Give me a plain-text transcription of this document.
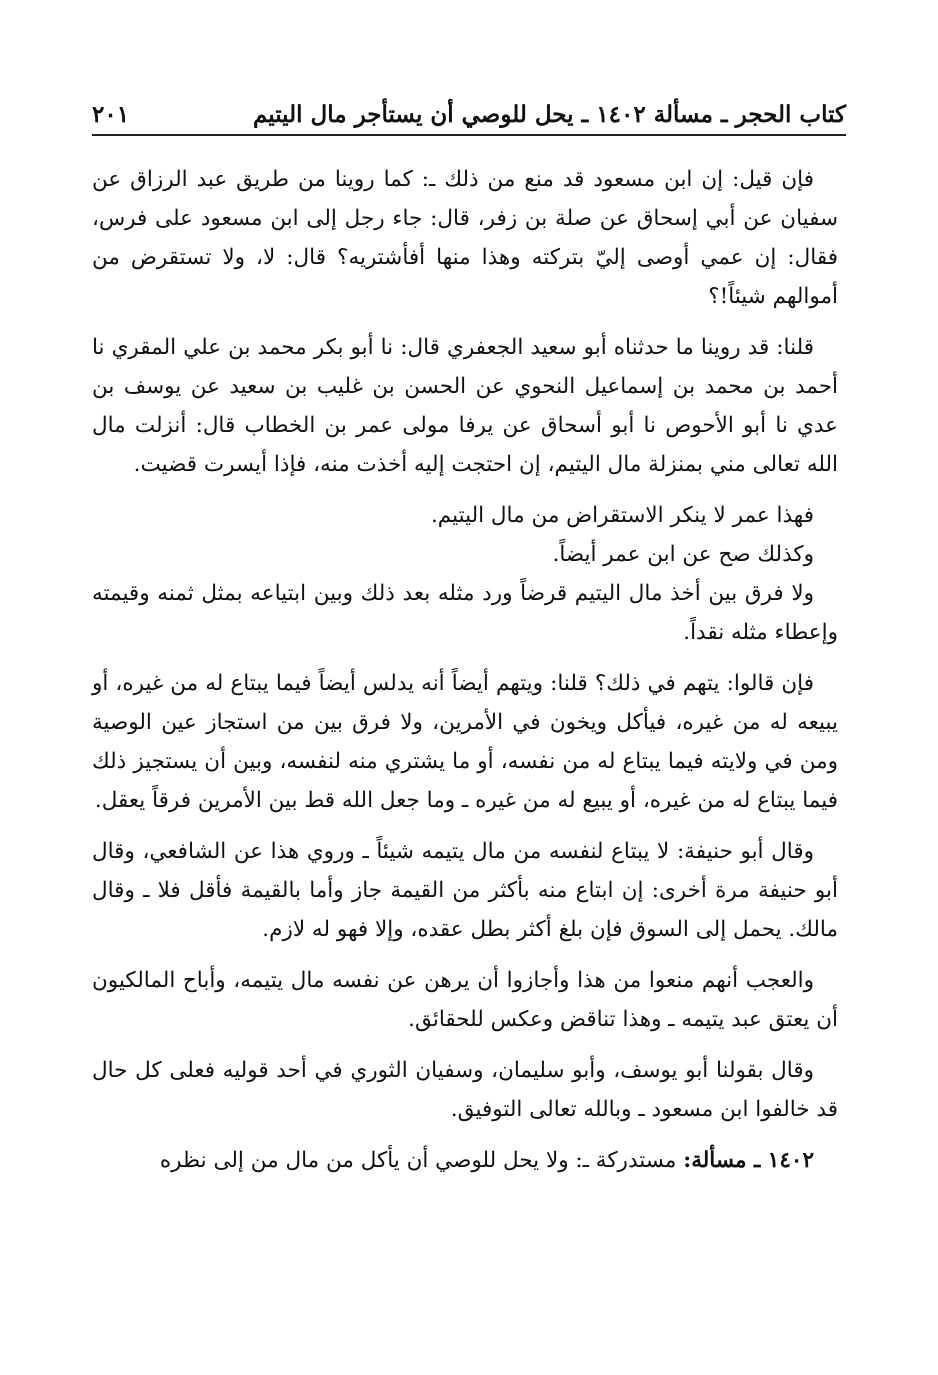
كتاب الحجر ـ مسألة ١٤٠٢ ـ يحل للوصي أن يستأجر مال اليتيم
٢٠١

فإن قيل: إن ابن مسعود قد منع من ذلك ـ: كما روينا من طريق عبد الرزاق عن سفيان عن أبي إسحاق عن صلة بن زفر، قال: جاء رجل إلى ابن مسعود على فرس، فقال: إن عمي أوصى إليّ بتركته وهذا منها أفأشتريه؟ قال: لا، ولا تستقرض من أموالهم شيئاً!؟

قلنا: قد روينا ما حدثناه أبو سعيد الجعفري قال: نا أبو بكر محمد بن علي المقري نا أحمد بن محمد بن إسماعيل النحوي عن الحسن بن غليب بن سعيد عن يوسف بن عدي نا أبو الأحوص نا أبو أسحاق عن يرفا مولى عمر بن الخطاب قال: أنزلت مال الله تعالى مني بمنزلة مال اليتيم، إن احتجت إليه أخذت منه، فإذا أيسرت قضيت.

فهذا عمر لا ينكر الاستقراض من مال اليتيم.

وكذلك صح عن ابن عمر أيضاً.

ولا فرق بين أخذ مال اليتيم قرضاً ورد مثله بعد ذلك وبين ابتياعه بمثل ثمنه وقيمته وإعطاء مثله نقداً.

فإن قالوا: يتهم في ذلك؟ قلنا: ويتهم أيضاً أنه يدلس أيضاً فيما يبتاع له من غيره، أو يبيعه له من غيره، فيأكل ويخون في الأمرين، ولا فرق بين من استجاز عين الوصية ومن في ولايته فيما يبتاع له من نفسه، أو ما يشتري منه لنفسه، وبين أن يستجيز ذلك فيما يبتاع له من غيره، أو يبيع له من غيره ـ وما جعل الله قط بين الأمرين فرقاً يعقل.

وقال أبو حنيفة: لا يبتاع لنفسه من مال يتيمه شيئاً ـ وروي هذا عن الشافعي، وقال أبو حنيفة مرة أخرى: إن ابتاع منه بأكثر من القيمة جاز وأما بالقيمة فأقل فلا ـ وقال مالك. يحمل إلى السوق فإن بلغ أكثر بطل عقده، وإلا فهو له لازم.

والعجب أنهم منعوا من هذا وأجازوا أن يرهن عن نفسه مال يتيمه، وأباح المالكيون أن يعتق عبد يتيمه ـ وهذا تناقض وعكس للحقائق.

وقال بقولنا أبو يوسف، وأبو سليمان، وسفيان الثوري في أحد قوليه فعلى كل حال قد خالفوا ابن مسعود ـ وبالله تعالى التوفيق.

١٤٠٢ ـ مسألة: مستدركة ـ: ولا يحل للوصي أن يأكل من مال من إلى نظره
